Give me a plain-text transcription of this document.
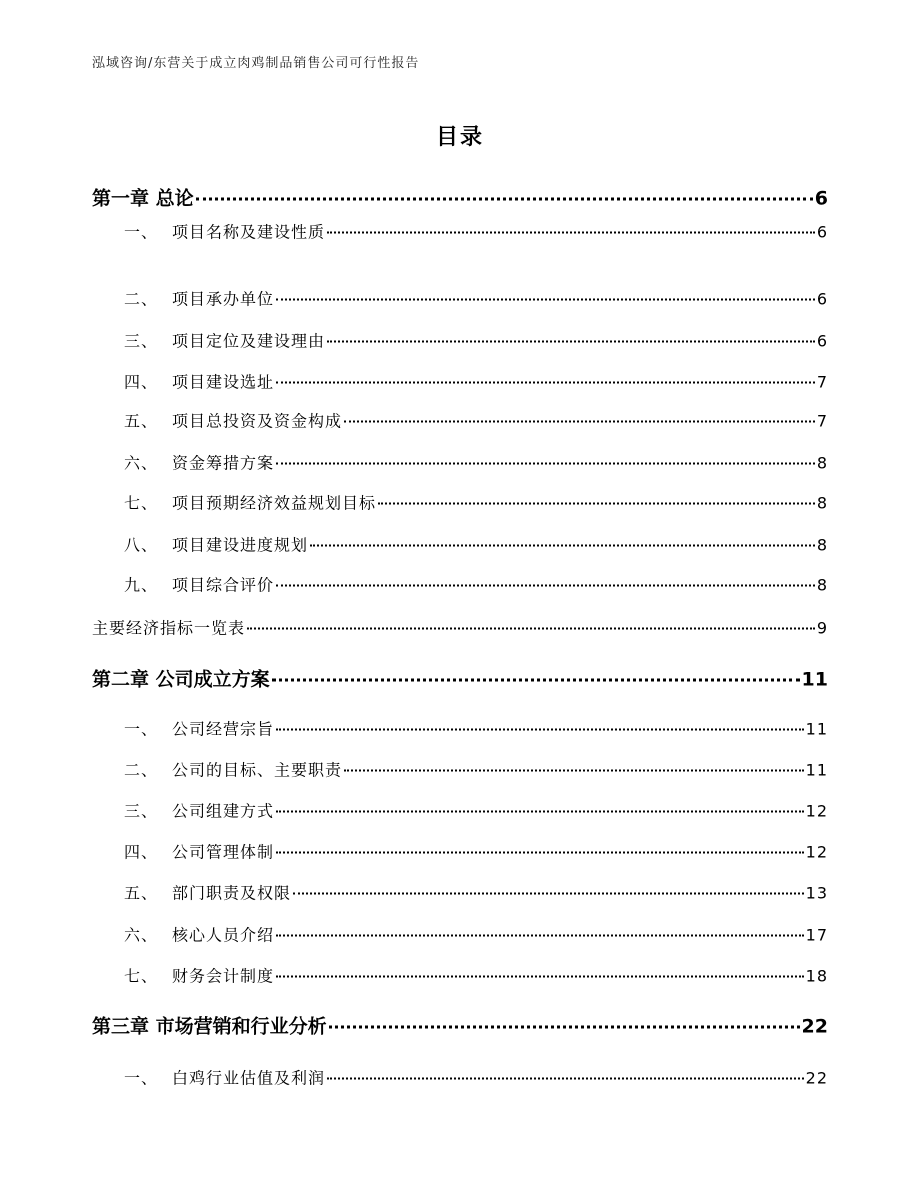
泓域咨询/东营关于成立肉鸡制品销售公司可行性报告
目录
第一章 总论	6
一、 项目名称及建设性质	6
二、 项目承办单位	6
三、 项目定位及建设理由	6
四、 项目建设选址	7
五、 项目总投资及资金构成	7
六、 资金筹措方案	8
七、 项目预期经济效益规划目标	8
八、 项目建设进度规划	8
九、 项目综合评价	8
主要经济指标一览表	9
第二章 公司成立方案	11
一、 公司经营宗旨	11
二、 公司的目标、主要职责	11
三、 公司组建方式	12
四、 公司管理体制	12
五、 部门职责及权限	13
六、 核心人员介绍	17
七、 财务会计制度	18
第三章 市场营销和行业分析	22
一、 白鸡行业估值及利润	22
